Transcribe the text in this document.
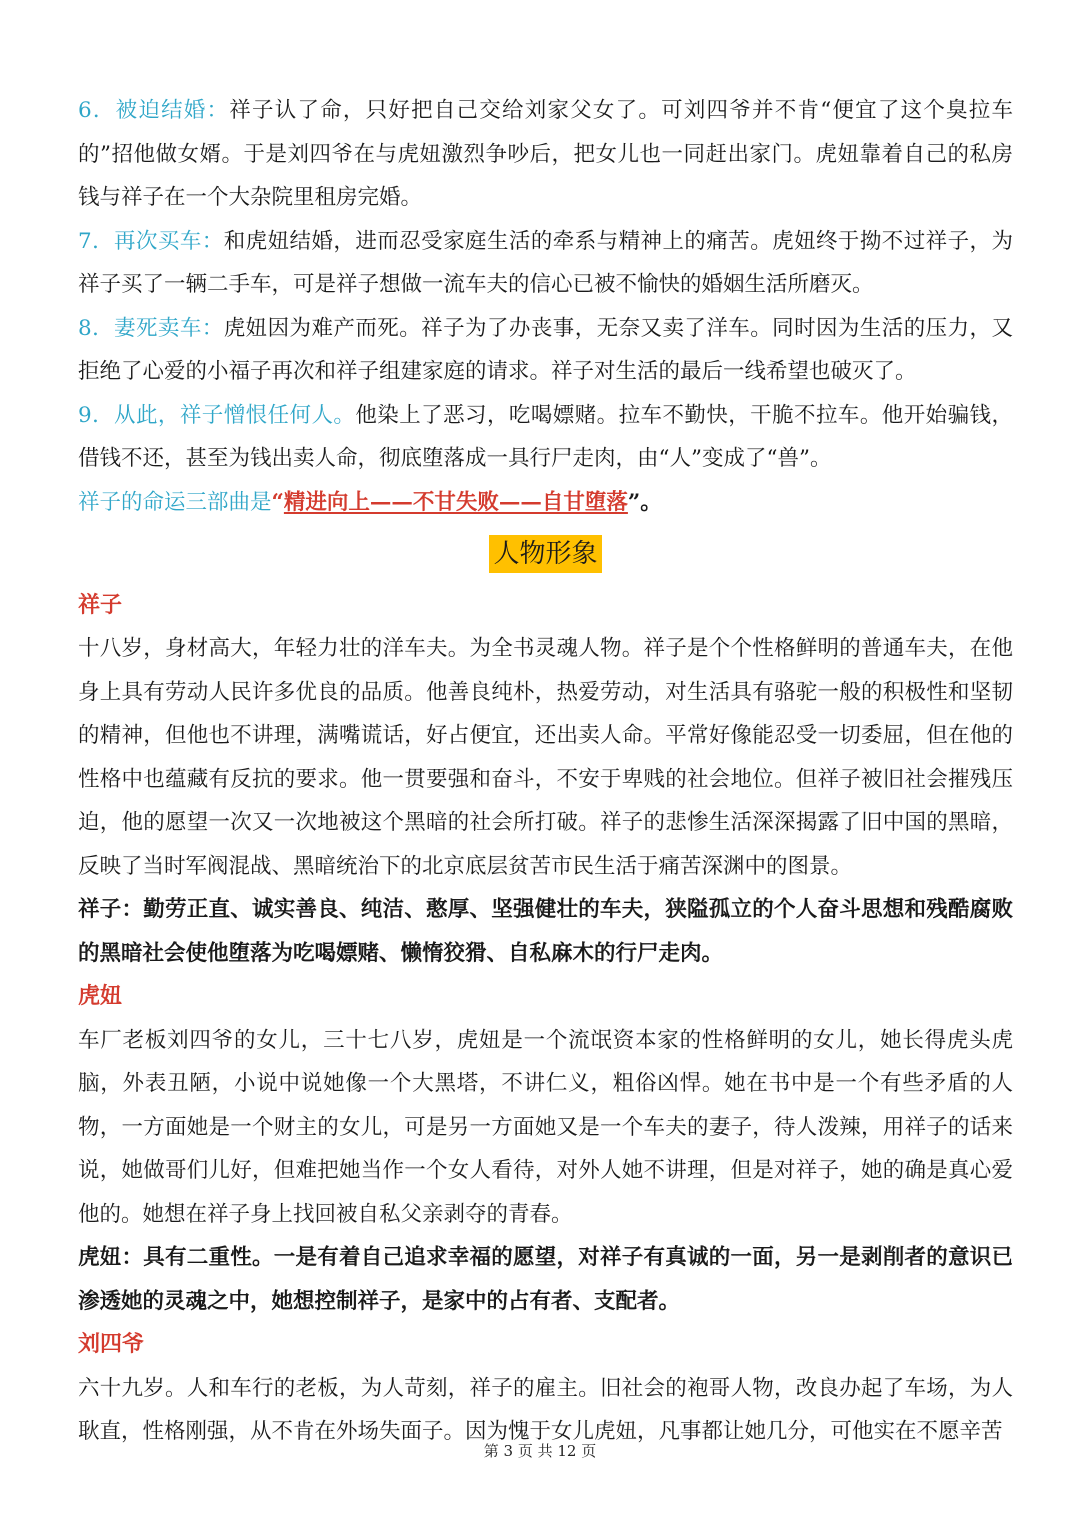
6．被迫结婚：祥子认了命，只好把自己交给刘家父女了。可刘四爷并不肯“便宜了这个臭拉车的”招他做女婿。于是刘四爷在与虎妞激烈争吵后，把女儿也一同赶出家门。虎妞靠着自己的私房钱与祥子在一个大杂院里租房完婚。

7．再次买车：和虎妞结婚，进而忍受家庭生活的牵系与精神上的痛苦。虎妞终于拗不过祥子，为祥子买了一辆二手车，可是祥子想做一流车夫的信心已被不愉快的婚姻生活所磨灭。

8．妻死卖车：虎妞因为难产而死。祥子为了办丧事，无奈又卖了洋车。同时因为生活的压力，又拒绝了心爱的小福子再次和祥子组建家庭的请求。祥子对生活的最后一线希望也破灭了。

9．从此，祥子憎恨任何人。他染上了恶习，吃喝嫖赌。拉车不勤快，干脆不拉车。他开始骗钱，借钱不还，甚至为钱出卖人命，彻底堕落成一具行尸走肉，由“人”变成了“兽”。

祥子的命运三部曲是“精进向上——不甘失败——自甘堕落”。

人物形象

祥子

十八岁，身材高大，年轻力壮的洋车夫。为全书灵魂人物。祥子是个个性格鲜明的普通车夫，在他身上具有劳动人民许多优良的品质。他善良纯朴，热爱劳动，对生活具有骆驼一般的积极性和坚韧的精神，但他也不讲理，满嘴谎话，好占便宜，还出卖人命。平常好像能忍受一切委屈，但在他的性格中也蕴藏有反抗的要求。他一贯要强和奋斗，不安于卑贱的社会地位。但祥子被旧社会摧残压迫，他的愿望一次又一次地被这个黑暗的社会所打破。祥子的悲惨生活深深揭露了旧中国的黑暗，反映了当时军阀混战、黑暗统治下的北京底层贫苦市民生活于痛苦深渊中的图景。

祥子：勤劳正直、诚实善良、纯洁、憨厚、坚强健壮的车夫，狭隘孤立的个人奋斗思想和残酷腐败的黑暗社会使他堕落为吃喝嫖赌、懒惰狡猾、自私麻木的行尸走肉。

虎妞

车厂老板刘四爷的女儿，三十七八岁，虎妞是一个流氓资本家的性格鲜明的女儿，她长得虎头虎脑，外表丑陋，小说中说她像一个大黑塔，不讲仁义，粗俗凶悍。她在书中是一个有些矛盾的人物，一方面她是一个财主的女儿，可是另一方面她又是一个车夫的妻子，待人泼辣，用祥子的话来说，她做哥们儿好，但难把她当作一个女人看待，对外人她不讲理，但是对祥子，她的确是真心爱他的。她想在祥子身上找回被自私父亲剥夺的青春。

虎妞：具有二重性。一是有着自己追求幸福的愿望，对祥子有真诚的一面，另一是剥削者的意识已渗透她的灵魂之中，她想控制祥子，是家中的占有者、支配者。

刘四爷

六十九岁。人和车行的老板，为人苛刻，祥子的雇主。旧社会的袍哥人物，改良办起了车场，为人耿直，性格刚强，从不肯在外场失面子。因为愧于女儿虎妞，凡事都让她几分，可他实在不愿辛苦

第 3 页 共 12 页
